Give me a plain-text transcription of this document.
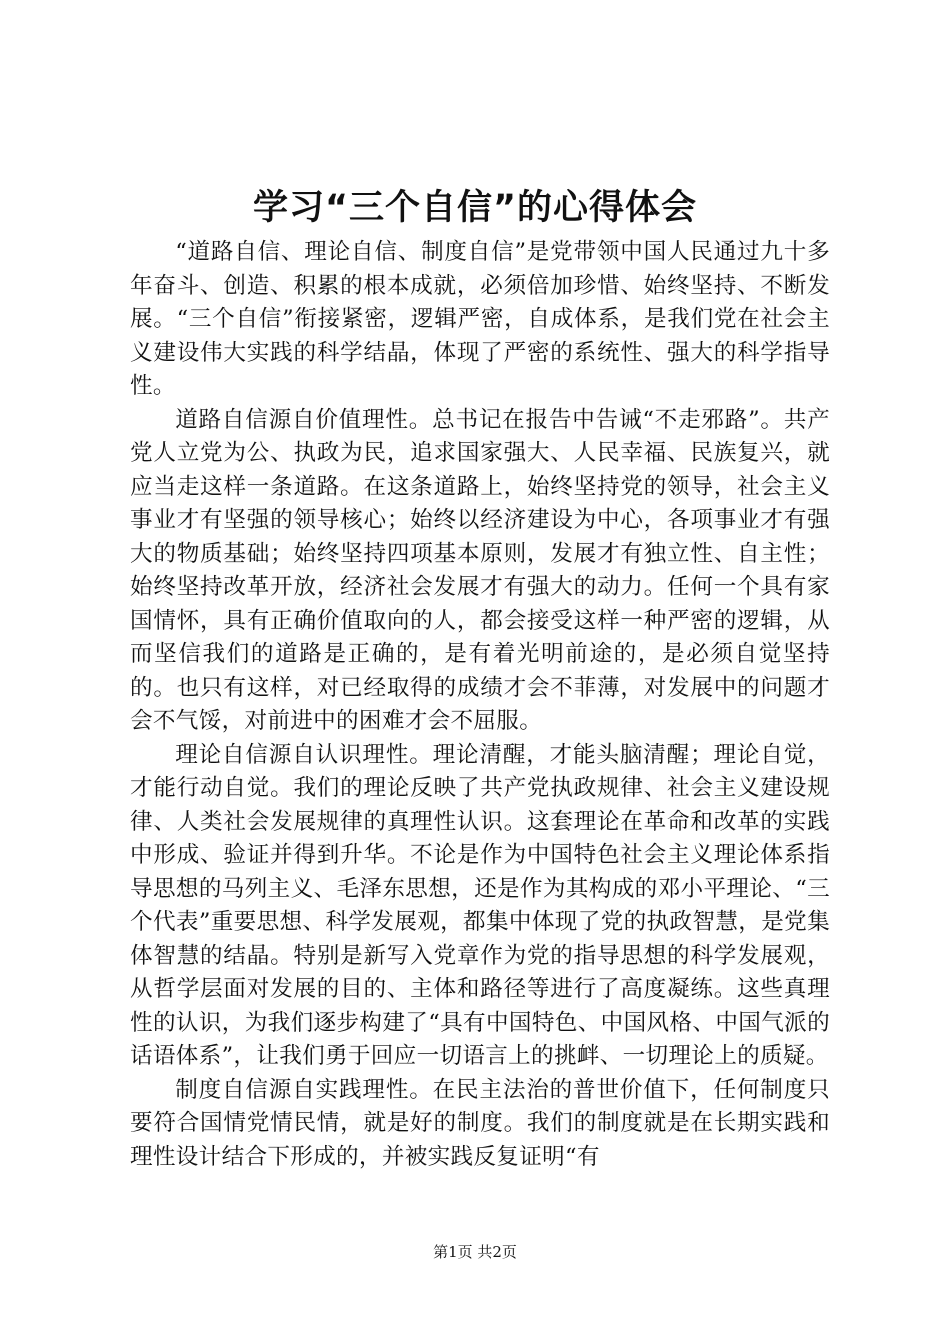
学习“三个自信”的心得体会

“道路自信、理论自信、制度自信”是党带领中国人民通过九十多年奋斗、创造、积累的根本成就，必须倍加珍惜、始终坚持、不断发展。“三个自信”衔接紧密，逻辑严密，自成体系，是我们党在社会主义建设伟大实践的科学结晶，体现了严密的系统性、强大的科学指导性。

道路自信源自价值理性。总书记在报告中告诫“不走邪路”。共产党人立党为公、执政为民，追求国家强大、人民幸福、民族复兴，就应当走这样一条道路。在这条道路上，始终坚持党的领导，社会主义事业才有坚强的领导核心；始终以经济建设为中心，各项事业才有强大的物质基础；始终坚持四项基本原则，发展才有独立性、自主性；始终坚持改革开放，经济社会发展才有强大的动力。任何一个具有家国情怀，具有正确价值取向的人，都会接受这样一种严密的逻辑，从而坚信我们的道路是正确的，是有着光明前途的，是必须自觉坚持的。也只有这样，对已经取得的成绩才会不菲薄，对发展中的问题才会不气馁，对前进中的困难才会不屈服。

理论自信源自认识理性。理论清醒，才能头脑清醒；理论自觉，才能行动自觉。我们的理论反映了共产党执政规律、社会主义建设规律、人类社会发展规律的真理性认识。这套理论在革命和改革的实践中形成、验证并得到升华。不论是作为中国特色社会主义理论体系指导思想的马列主义、毛泽东思想，还是作为其构成的邓小平理论、“三个代表”重要思想、科学发展观，都集中体现了党的执政智慧，是党集体智慧的结晶。特别是新写入党章作为党的指导思想的科学发展观，从哲学层面对发展的目的、主体和路径等进行了高度凝练。这些真理性的认识，为我们逐步构建了“具有中国特色、中国风格、中国气派的话语体系”，让我们勇于回应一切语言上的挑衅、一切理论上的质疑。

制度自信源自实践理性。在民主法治的普世价值下，任何制度只要符合国情党情民情，就是好的制度。我们的制度就是在长期实践和理性设计结合下形成的，并被实践反复证明“有

第1页 共2页
